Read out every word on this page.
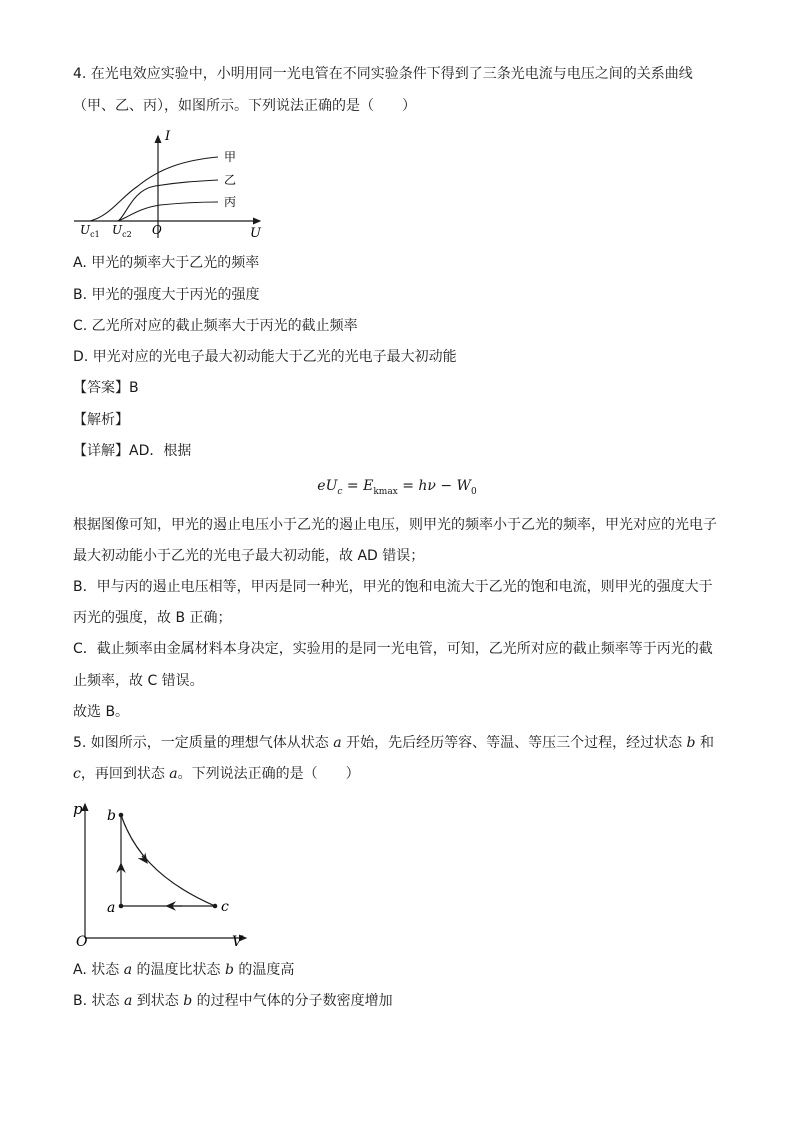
4. 在光电效应实验中，小明用同一光电管在不同实验条件下得到了三条光电流与电压之间的关系曲线
（甲、乙、丙），如图所示。下列说法正确的是（　　）
I
U
O
$U_{c1}$ $U_{c2}$
甲
乙
丙
A. 甲光的频率大于乙光的频率
B. 甲光的强度大于丙光的强度
C. 乙光所对应的截止频率大于丙光的截止频率
D. 甲光对应的光电子最大初动能大于乙光的光电子最大初动能
【答案】B
【解析】
【详解】AD．根据
$eU_c = E_{kmax} = h\nu - W_0$
根据图像可知，甲光的遏止电压小于乙光的遏止电压，则甲光的频率小于乙光的频率，甲光对应的光电子
最大初动能小于乙光的光电子最大初动能，故 AD 错误；
B．甲与丙的遏止电压相等，甲丙是同一种光，甲光的饱和电流大于乙光的饱和电流，则甲光的强度大于
丙光的强度，故 B 正确；
C．截止频率由金属材料本身决定，实验用的是同一光电管，可知，乙光所对应的截止频率等于丙光的截
止频率，故 C 错误。
故选 B。
5. 如图所示，一定质量的理想气体从状态 a 开始，先后经历等容、等温、等压三个过程，经过状态 b 和
c，再回到状态 a。下列说法正确的是（　　）
p
V
O
b
a	c
A. 状态 a 的温度比状态 b 的温度高
B. 状态 a 到状态 b 的过程中气体的分子数密度增加
